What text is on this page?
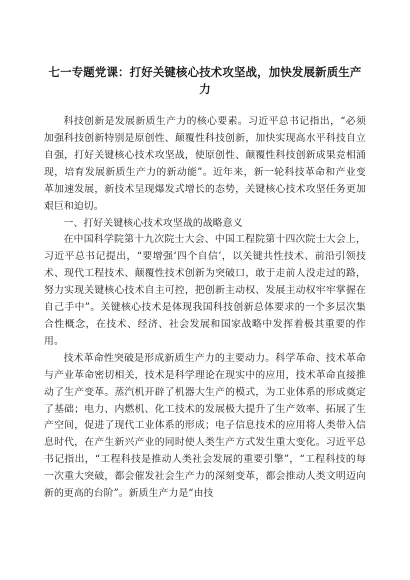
七一专题党课：打好关键核心技术攻坚战，加快发展新质生产力

科技创新是发展新质生产力的核心要素。习近平总书记指出，“必须加强科技创新特别是原创性、颠覆性科技创新，加快实现高水平科技自立自强，打好关键核心技术攻坚战，使原创性、颠覆性科技创新成果竞相涌现，培育发展新质生产力的新动能”。近年来，新一轮科技革命和产业变革加速发展，新技术呈现爆发式增长的态势，关键核心技术攻坚任务更加艰巨和迫切。

一、打好关键核心技术攻坚战的战略意义

在中国科学院第十九次院士大会、中国工程院第十四次院士大会上，习近平总书记提出，“要增强‘四个自信’，以关键共性技术、前沿引领技术、现代工程技术、颠覆性技术创新为突破口，敢于走前人没走过的路，努力实现关键核心技术自主可控，把创新主动权、发展主动权牢牢掌握在自己手中”。关键核心技术是体现我国科技创新总体要求的一个多层次集合性概念，在技术、经济、社会发展和国家战略中发挥着极其重要的作用。

技术革命性突破是形成新质生产力的主要动力。科学革命、技术革命与产业革命密切相关，技术是科学理论在现实中的应用，技术革命直接推动了生产变革。蒸汽机开辟了机器大生产的模式，为工业体系的形成奠定了基础；电力、内燃机、化工技术的发展极大提升了生产效率、拓展了生产空间，促进了现代工业体系的形成；电子信息技术的应用将人类带入信息时代，在产生新兴产业的同时使人类生产方式发生重大变化。习近平总书记指出，“工程科技是推动人类社会发展的重要引擎”，“工程科技的每一次重大突破，都会催发社会生产力的深刻变革，都会推动人类文明迈向新的更高的台阶”。新质生产力是“由技
